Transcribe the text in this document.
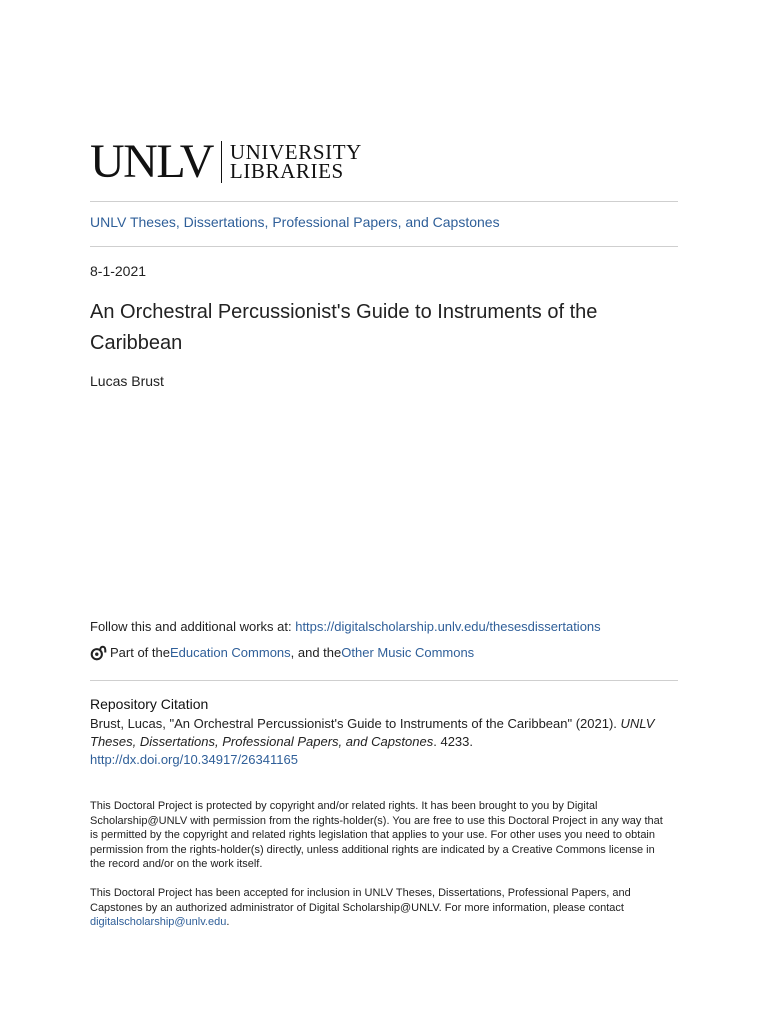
UNLV UNIVERSITY
LIBRARIES
UNLV Theses, Dissertations, Professional Papers, and Capstones
8-1-2021
An Orchestral Percussionist's Guide to Instruments of the Caribbean
Lucas Brust
Follow this and additional works at: https://digitalscholarship.unlv.edu/thesesdissertations
Part of the Education Commons , and the Other Music Commons
Repository Citation
Brust, Lucas, "An Orchestral Percussionist's Guide to Instruments of the Caribbean" (2021). UNLV Theses, Dissertations, Professional Papers, and Capstones. 4233.
http://dx.doi.org/10.34917/26341165
This Doctoral Project is protected by copyright and/or related rights. It has been brought to you by Digital Scholarship@UNLV with permission from the rights-holder(s). You are free to use this Doctoral Project in any way that is permitted by the copyright and related rights legislation that applies to your use. For other uses you need to obtain permission from the rights-holder(s) directly, unless additional rights are indicated by a Creative Commons license in the record and/or on the work itself.
This Doctoral Project has been accepted for inclusion in UNLV Theses, Dissertations, Professional Papers, and Capstones by an authorized administrator of Digital Scholarship@UNLV. For more information, please contact digitalscholarship@unlv.edu.
